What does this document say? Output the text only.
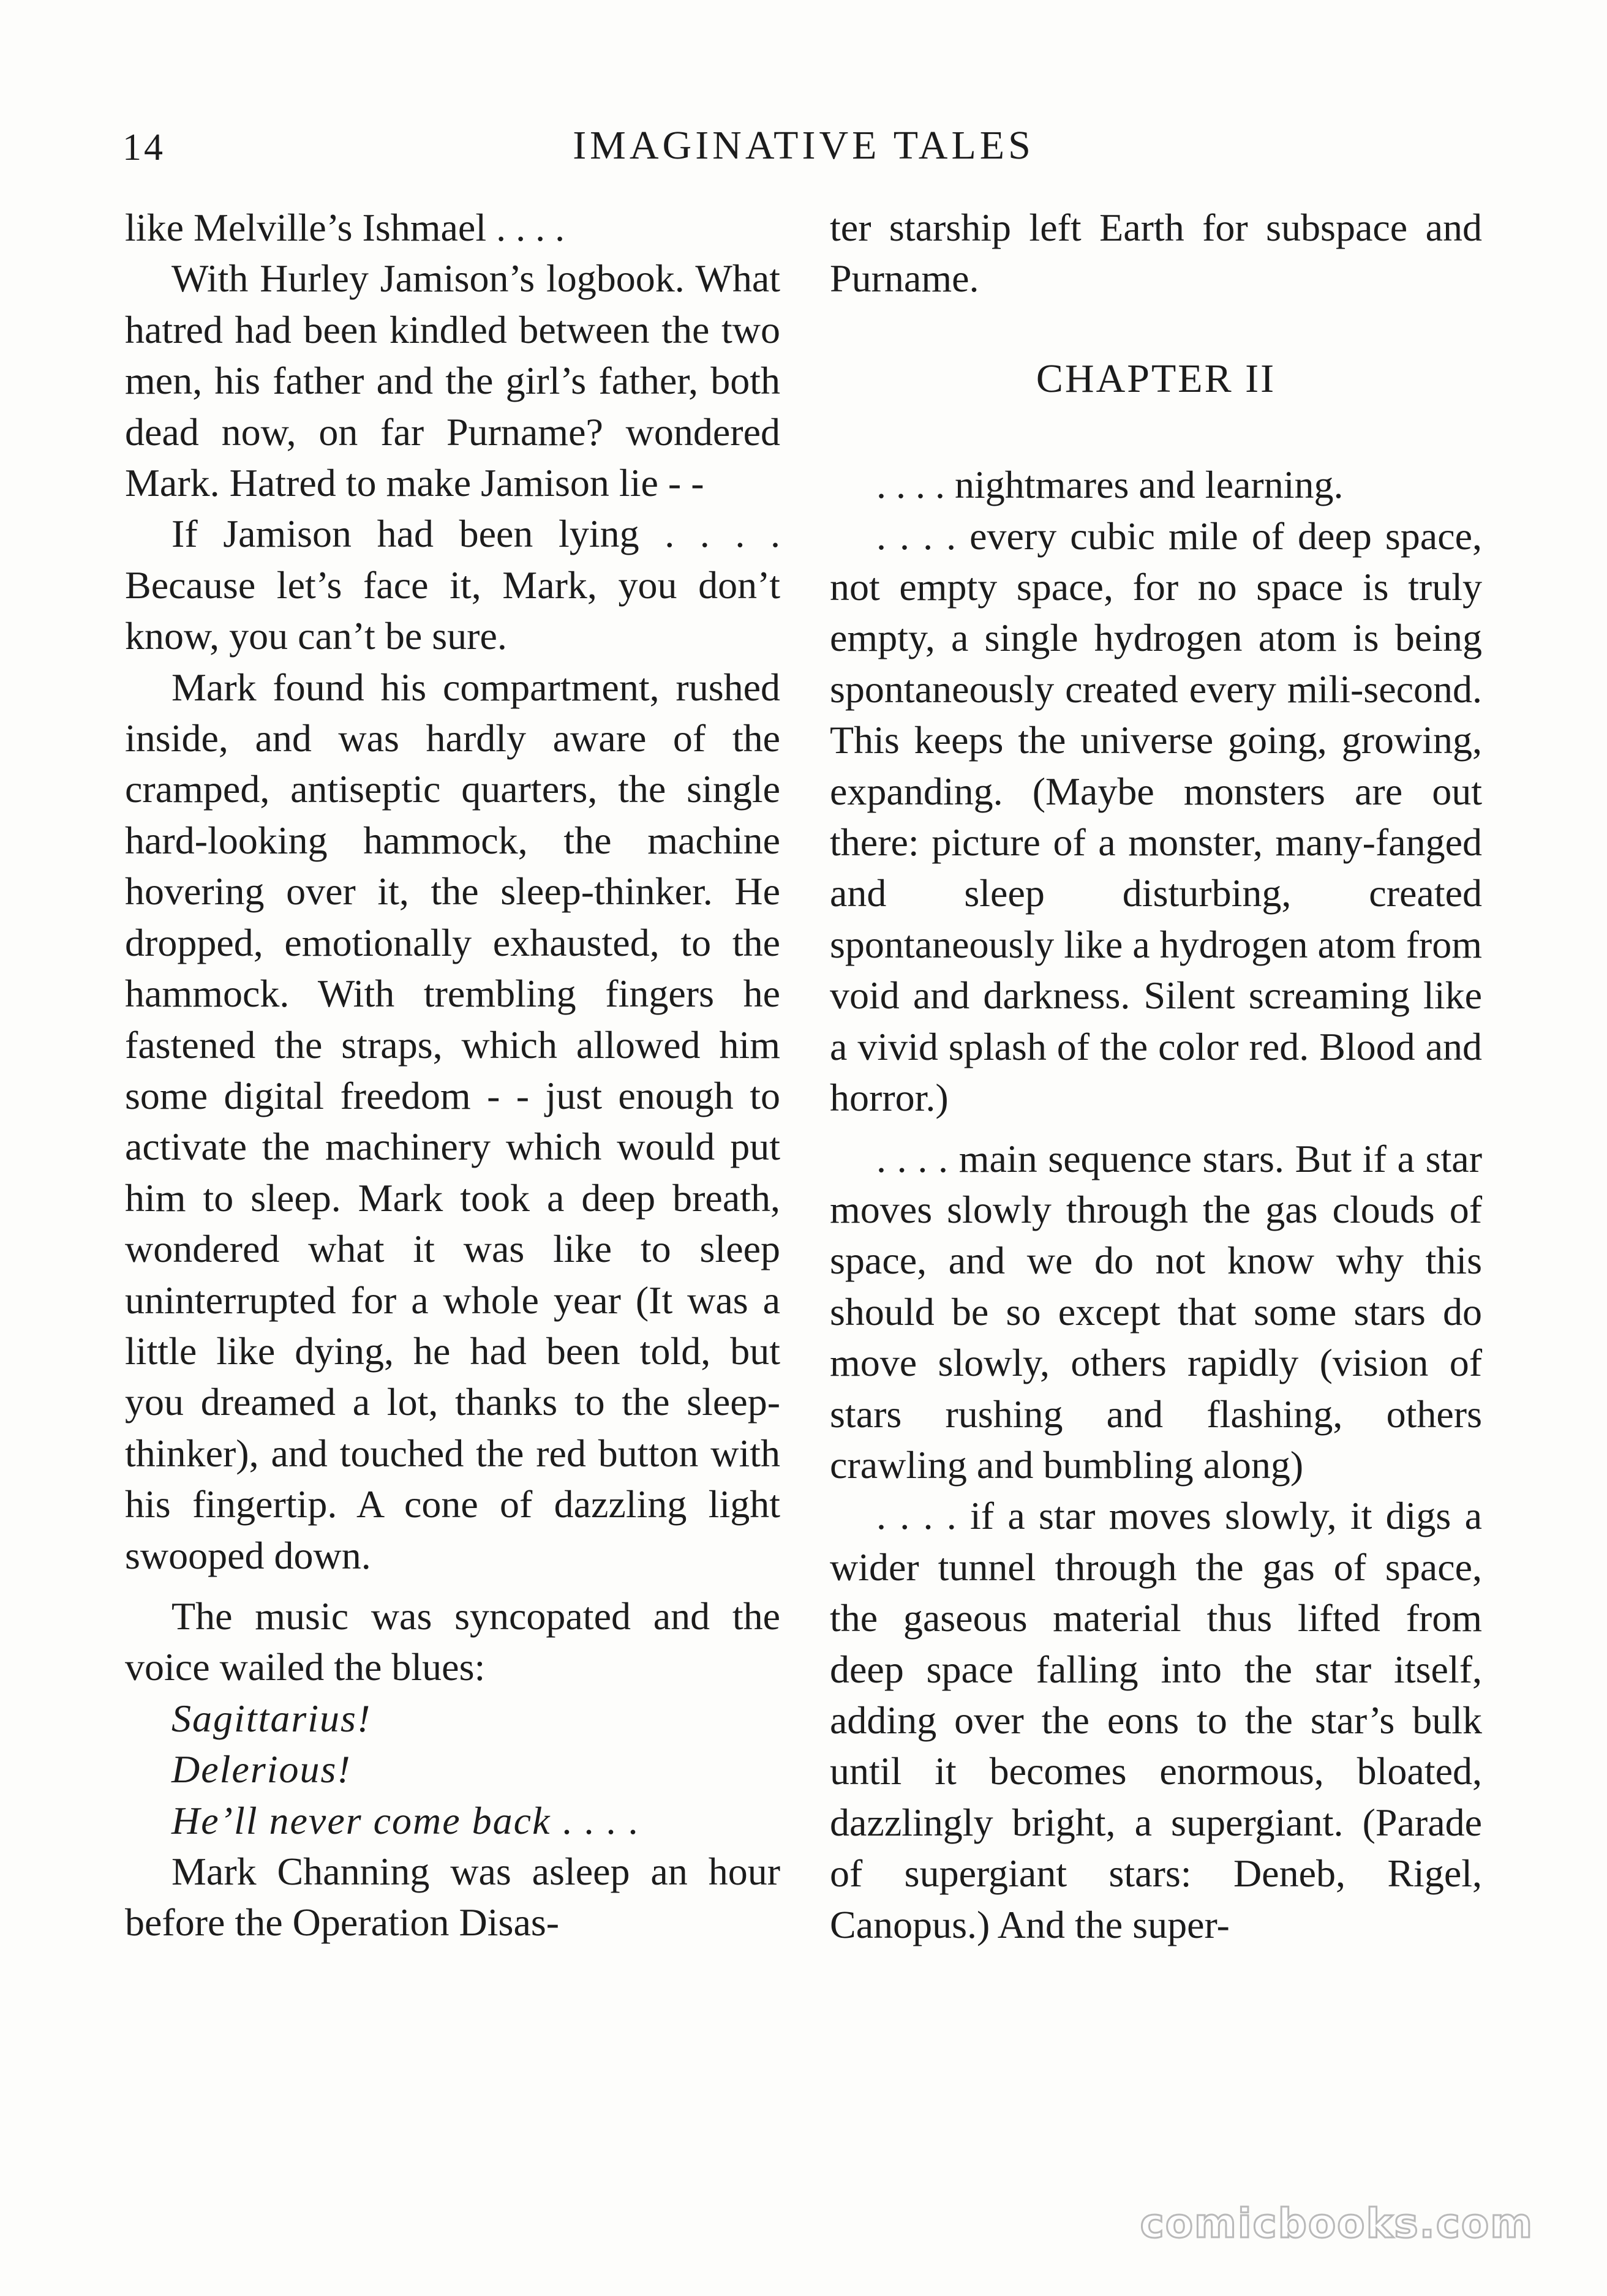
14	IMAGINATIVE TALES

like Melville’s Ishmael . . . .

With Hurley Jamison’s logbook. What hatred had been kindled between the two men, his father and the girl’s father, both dead now, on far Purname? wondered Mark. Hatred to make Jamison lie - -

If Jamison had been lying . . . . Because let’s face it, Mark, you don’t know, you can’t be sure.

Mark found his compartment, rushed inside, and was hardly aware of the cramped, antiseptic quarters, the single hard-looking hammock, the machine hovering over it, the sleep-thinker. He dropped, emotionally exhausted, to the hammock. With trembling fingers he fastened the straps, which allowed him some digital freedom - - just enough to activate the machinery which would put him to sleep. Mark took a deep breath, wondered what it was like to sleep uninterrupted for a whole year (It was a little like dying, he had been told, but you dreamed a lot, thanks to the sleep-thinker), and touched the red button with his fingertip. A cone of dazzling light swooped down.

The music was syncopated and the voice wailed the blues:

Sagittarius!
Delerious!
He’ll never come back . . . .

Mark Channing was asleep an hour before the Operation Disas-

ter starship left Earth for subspace and Purname.

CHAPTER II

. . . . nightmares and learning.

. . . . every cubic mile of deep space, not empty space, for no space is truly empty, a single hydrogen atom is being spontaneously created every mili-second. This keeps the universe going, growing, expanding. (Maybe monsters are out there: picture of a monster, many-fanged and sleep disturbing, created spontaneously like a hydrogen atom from void and darkness. Silent screaming like a vivid splash of the color red. Blood and horror.)

. . . . main sequence stars. But if a star moves slowly through the gas clouds of space, and we do not know why this should be so except that some stars do move slowly, others rapidly (vision of stars rushing and flashing, others crawling and bumbling along)

. . . . if a star moves slowly, it digs a wider tunnel through the gas of space, the gaseous material thus lifted from deep space falling into the star itself, adding over the eons to the star’s bulk until it becomes enormous, bloated, dazzlingly bright, a supergiant. (Parade of supergiant stars: Deneb, Rigel, Canopus.) And the super-

comicbooks.com
